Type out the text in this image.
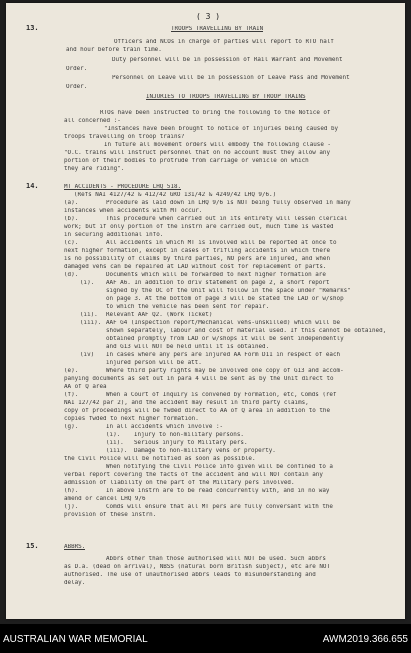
( 3 )
13.	TROOPS TRAVELLING BY TRAIN
Officers and NCOs in charge of parties will report to RTO half
and hour before train time.
Duty personnel will be in possession of Rail Warrant and Movement
Order.
Personnel on Leave will be in possession of Leave Pass and Movement
Order.
INJURIES TO TROOPS TRAVELLING BY TROOP TRAINS
RTOs have been instructed to bring the following to the Notice of
all concerned :-
"Instances have been brought to notice of injuries being caused by
troops travelling on troop trains?
In future all movement orders will embody the following clause -
"O.C. trains will instruct personnel that on no account must they allow any
portion of their bodies to protrude from carriage or vehicle on which
they are riding".
14.	MT ACCIDENTS - PROCEDURE LHQ 518.
(Refs NAI 4127/42 & 412/42 GRO 131/42 & 4249/42 LHQ 9/6.)
(a).	Procedure as laid down in LHQ 9/6 is NOT being fully observed in many
instances when accidents with MT occur.
(b).	This procedure when carried out in its entirety will lessen clerical
work; but if only portion of the instrn are carried out, much time is wasted
in securing additional info.
(c).	All accidents in which MT is involved will be reported at once to
next higher formation, except in cases of trifling accidents in which there
is no possibility of claims by third parties, NO pers are injured, and when
damaged vehs can be repaired at LAD without cost for replacement of parts.
(d).	Documents which will be forwarded to next higher formation are
(i). AAF A6. In addition to driv statement on page 2, a short report
signed by the OC of the Unit will follow in the space under "Remarks"
on page 3. At the bottom of page 3 will be stated the LAD or w/shop
to which the vehicle has been sent for repair.
(ii). Relevant AAF Q2. (Work Ticket)
(iii). AAF G4 (Inspection report/Mechanical vehs-unskilled) which will be
shown separately, labour and cost of material used. If this cannot be obtained,
obtained promptly from LAD or w/shops it will be sent independently
and G13 will NOT be held until it is obtained.
(iv) In cases where any pers are injured AA Form D11 in respect of each
injured person will be att.
(e).	Where third party rights may be involved one copy of G13 and accom-
panying documents as set out in para 4 will be sent as by the Unit direct to
AA of Q area
(f).	When a Court of Inquiry is convened by Formation, etc, Comds (ref
NAI 127/42 par 2), and the accident may result in third party claims,
copy of proceedings will be fwded direct to AA of Q area in addition to the
copies fwded to next higher formation.
(g).	In all accidents which involve :-
(i). Injury to non-military persons.
(ii). Serious injury to Military pers.
(iii). Damage to non-military vehs or property.
the Civil Police will be notified as soon as possible.
When notifying the Civil Police info given will be confined to a
verbal report covering the facts of the accident and will NOT contain any
admission of liability on the part of the Military pers involved.
(h).	In above instrn are to be read concurrently with, and in no way
amend or cancel LHQ 9/6
(j).	Comds will ensure that all MT pers are fully conversant with the
provision of these instrn.
15.	ABBRS.
Abbrs other than those authorised will NOT be used. Such abbrs
as D.a. (dead on arrival), NBSS (natural born British subject), etc are NOT
authorised. The use of unauthorised abbrs leads to misunderstanding and
delay.
AUSTRALIAN WAR MEMORIAL	AWM2019.366.655
